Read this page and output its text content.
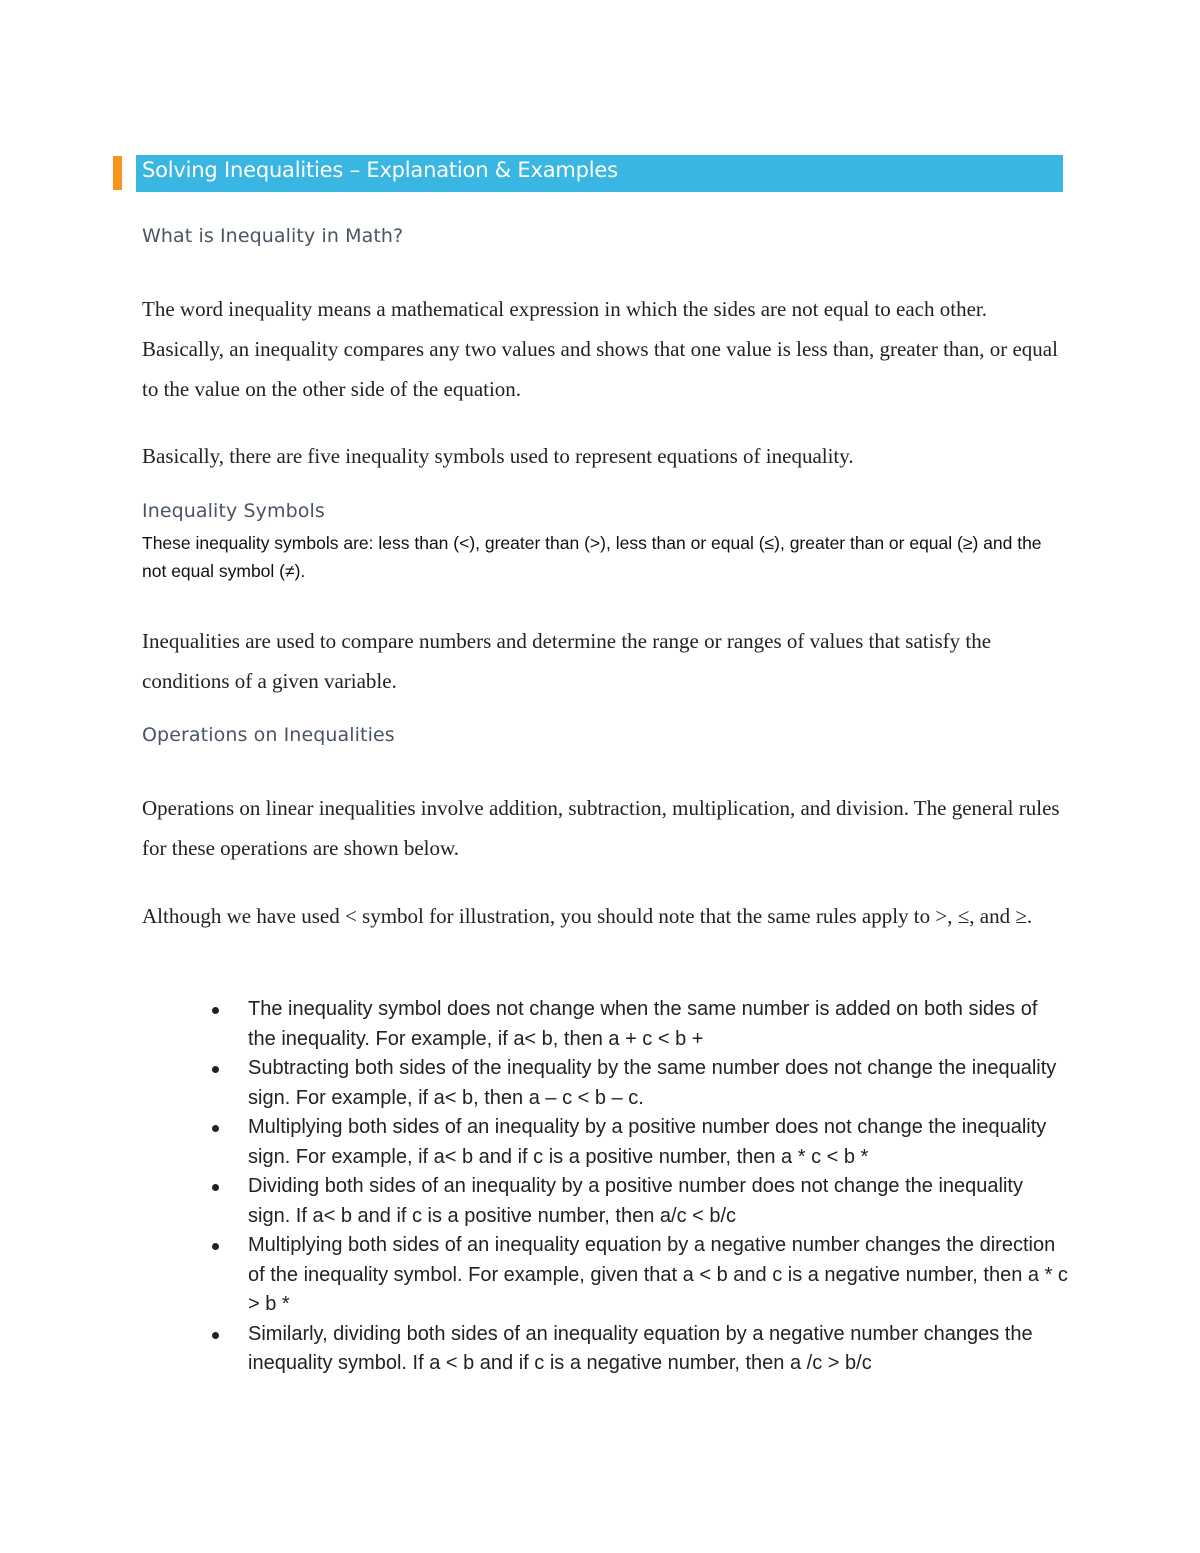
Solving Inequalities – Explanation & Examples
What is Inequality in Math?
The word inequality means a mathematical expression in which the sides are not equal to each other. Basically, an inequality compares any two values and shows that one value is less than, greater than, or equal to the value on the other side of the equation.
Basically, there are five inequality symbols used to represent equations of inequality.
Inequality Symbols
These inequality symbols are: less than (<), greater than (>), less than or equal (≤), greater than or equal (≥) and the not equal symbol (≠).
Inequalities are used to compare numbers and determine the range or ranges of values that satisfy the conditions of a given variable.
Operations on Inequalities
Operations on linear inequalities involve addition, subtraction, multiplication, and division. The general rules for these operations are shown below.
Although we have used < symbol for illustration, you should note that the same rules apply to >, ≤, and ≥.
The inequality symbol does not change when the same number is added on both sides of the inequality. For example, if a< b, then a + c < b +
Subtracting both sides of the inequality by the same number does not change the inequality sign. For example, if a< b, then a – c < b – c.
Multiplying both sides of an inequality by a positive number does not change the inequality sign. For example, if a< b and if c is a positive number, then a * c < b *
Dividing both sides of an inequality by a positive number does not change the inequality sign. If a< b and if c is a positive number, then a/c < b/c
Multiplying both sides of an inequality equation by a negative number changes the direction of the inequality symbol. For example, given that a < b and c is a negative number, then a * c > b *
Similarly, dividing both sides of an inequality equation by a negative number changes the inequality symbol. If a < b and if c is a negative number, then a /c > b/c
